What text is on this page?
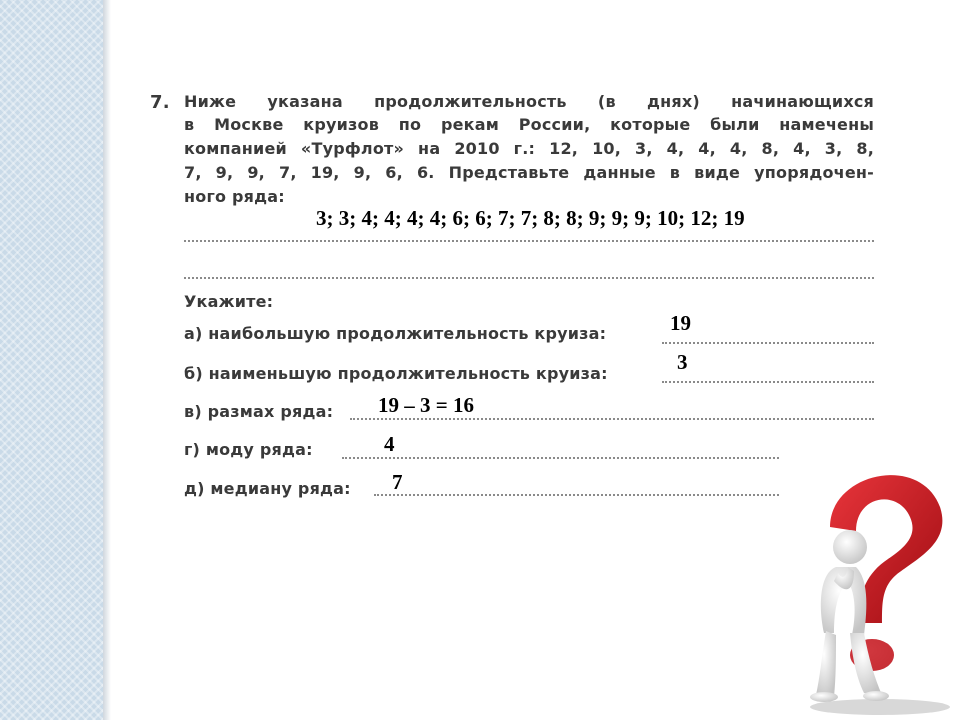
7. Ниже указана продолжительность (в днях) начинающихся
в Москве круизов по рекам России, которые были намечены
компанией «Турфлот» на 2010 г.: 12, 10, 3, 4, 4, 4, 8, 4, 3, 8,
7, 9, 9, 7, 19, 9, 6, 6. Представьте данные в виде упорядочен-
ного ряда:
Укажите:
а) наибольшую продолжительность круиза:
б) наименьшую продолжительность круиза:
в) размах ряда:
г) моду ряда:
д) медиану ряда:
3; 3; 4; 4; 4; 4; 6; 6; 7; 7; 8; 8; 9; 9; 9; 10; 12; 19
19
3
19 – 3 = 16
4
7
